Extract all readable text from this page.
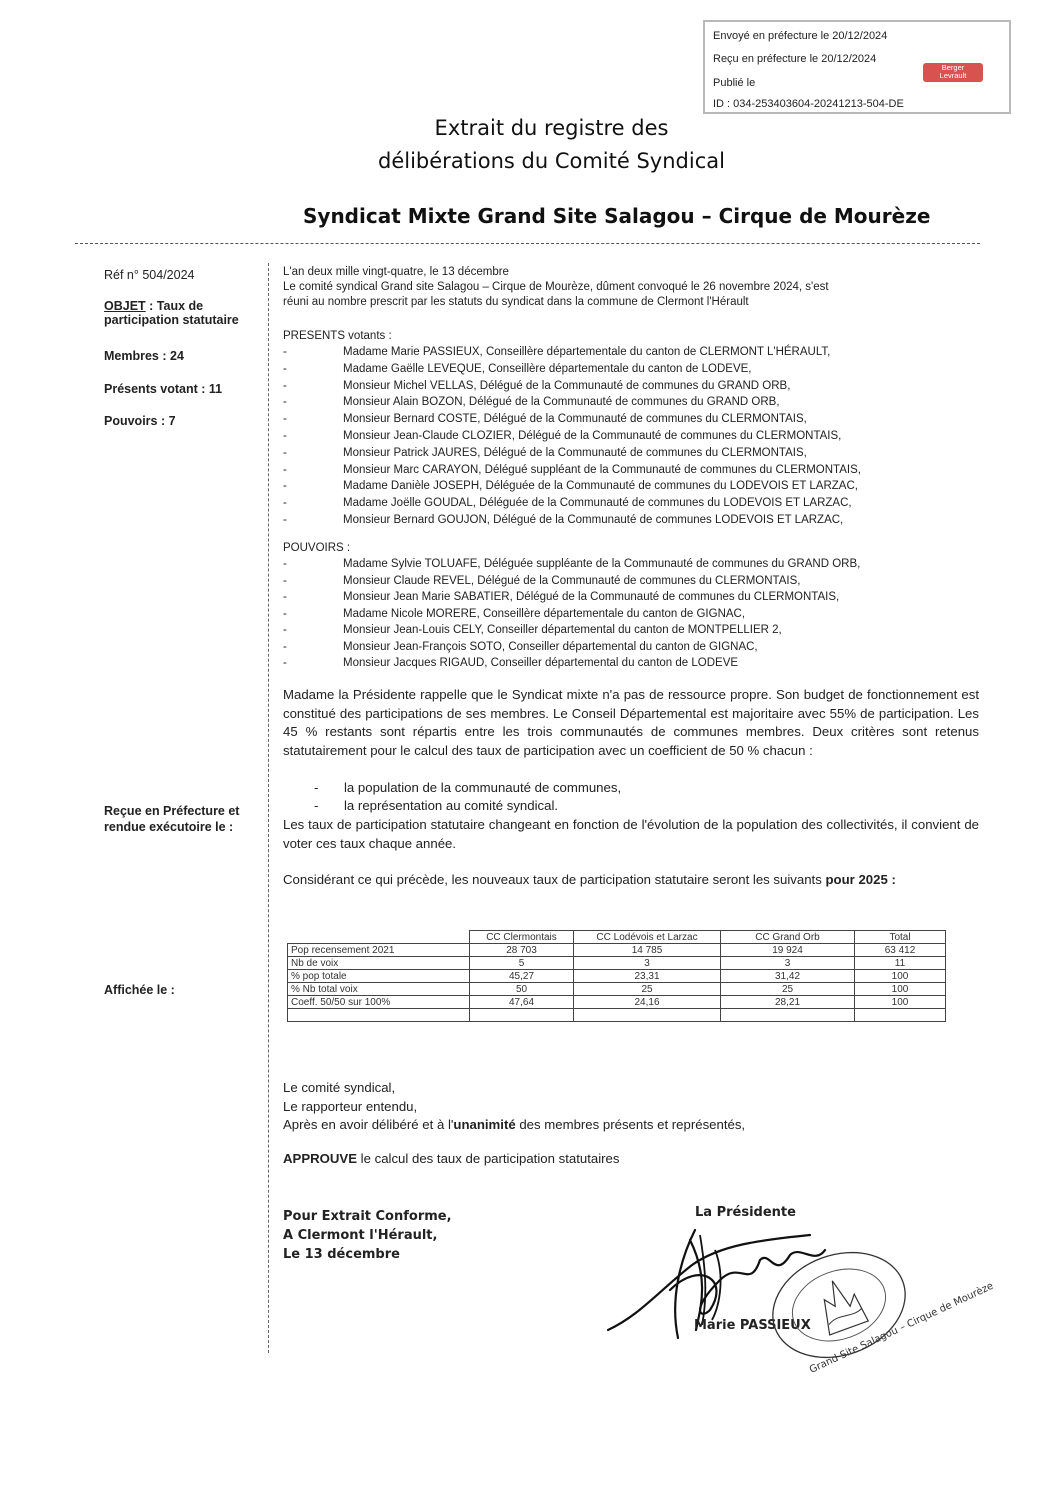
Envoyé en préfecture le 20/12/2024
Reçu en préfecture le 20/12/2024
Publié le
ID : 034-253403604-20241213-504-DE
Berger
Levrault
Extrait du registre des
délibérations du Comité Syndical
Syndicat Mixte Grand Site Salagou – Cirque de Mourèze
Réf n° 504/2024
OBJET : Taux de
participation statutaire
Membres : 24
Présents votant : 11
Pouvoirs : 7
Reçue en Préfecture et
rendue exécutoire le :
Affichée le :
L'an deux mille vingt-quatre, le 13 décembre
Le comité syndical Grand site Salagou – Cirque de Mourèze, dûment convoqué le 26 novembre 2024, s'est
réuni au nombre prescrit par les statuts du syndicat dans la commune de Clermont l'Hérault
PRESENTS votants :
-	Madame Marie PASSIEUX, Conseillère départementale du canton de CLERMONT L'HÉRAULT,
-	Madame Gaëlle LEVEQUE, Conseillère départementale du canton de LODEVE,
-	Monsieur Michel VELLAS, Délégué de la Communauté de communes du GRAND ORB,
-	Monsieur Alain BOZON, Délégué de la Communauté de communes du GRAND ORB,
-	Monsieur Bernard COSTE, Délégué de la Communauté de communes du CLERMONTAIS,
-	Monsieur Jean-Claude CLOZIER, Délégué de la Communauté de communes du CLERMONTAIS,
-	Monsieur Patrick JAURES, Délégué de la Communauté de communes du CLERMONTAIS,
-	Monsieur Marc CARAYON, Délégué suppléant de la Communauté de communes du CLERMONTAIS,
-	Madame Danièle JOSEPH, Déléguée de la Communauté de communes du LODEVOIS ET LARZAC,
-	Madame Joëlle GOUDAL, Déléguée de la Communauté de communes du LODEVOIS ET LARZAC,
-	Monsieur Bernard GOUJON, Délégué de la Communauté de communes LODEVOIS ET LARZAC,
POUVOIRS :
-	Madame Sylvie TOLUAFE, Déléguée suppléante de la Communauté de communes du GRAND ORB,
-	Monsieur Claude REVEL, Délégué de la Communauté de communes du CLERMONTAIS,
-	Monsieur Jean Marie SABATIER, Délégué de la Communauté de communes du CLERMONTAIS,
-	Madame Nicole MORERE, Conseillère départementale du canton de GIGNAC,
-	Monsieur Jean-Louis CELY, Conseiller départemental du canton de MONTPELLIER 2,
-	Monsieur Jean-François SOTO, Conseiller départemental du canton de GIGNAC,
-	Monsieur Jacques RIGAUD, Conseiller départemental du canton de LODEVE
Madame la Présidente rappelle que le Syndicat mixte n'a pas de ressource propre. Son budget de fonctionnement est constitué des participations de ses membres. Le Conseil Départemental est majoritaire avec 55% de participation. Les 45 % restants sont répartis entre les trois communautés de communes membres. Deux critères sont retenus statutairement pour le calcul des taux de participation avec un coefficient de 50 % chacun :
- la population de la communauté de communes,
- la représentation au comité syndical.
Les taux de participation statutaire changeant en fonction de l'évolution de la population des collectivités, il convient de voter ces taux chaque année.
Considérant ce qui précède, les nouveaux taux de participation statutaire seront les suivants pour 2025 :
	CC Clermontais	CC Lodévois et Larzac	CC Grand Orb	Total
Pop recensement 2021	28 703	14 785	19 924	63 412
Nb de voix	5	3	3	11
% pop totale	45,27	23,31	31,42	100
% Nb total voix	50	25	25	100
Coeff. 50/50 sur 100%	47,64	24,16	28,21	100

Le comité syndical,
Le rapporteur entendu,
Après en avoir délibéré et à l'unanimité des membres présents et représentés,
APPROUVE le calcul des taux de participation statutaires
Pour Extrait Conforme,
A Clermont l'Hérault,
Le 13 décembre
La Présidente
Marie PASSIEUX
Grand Site Salagou – Cirque de Mourèze
